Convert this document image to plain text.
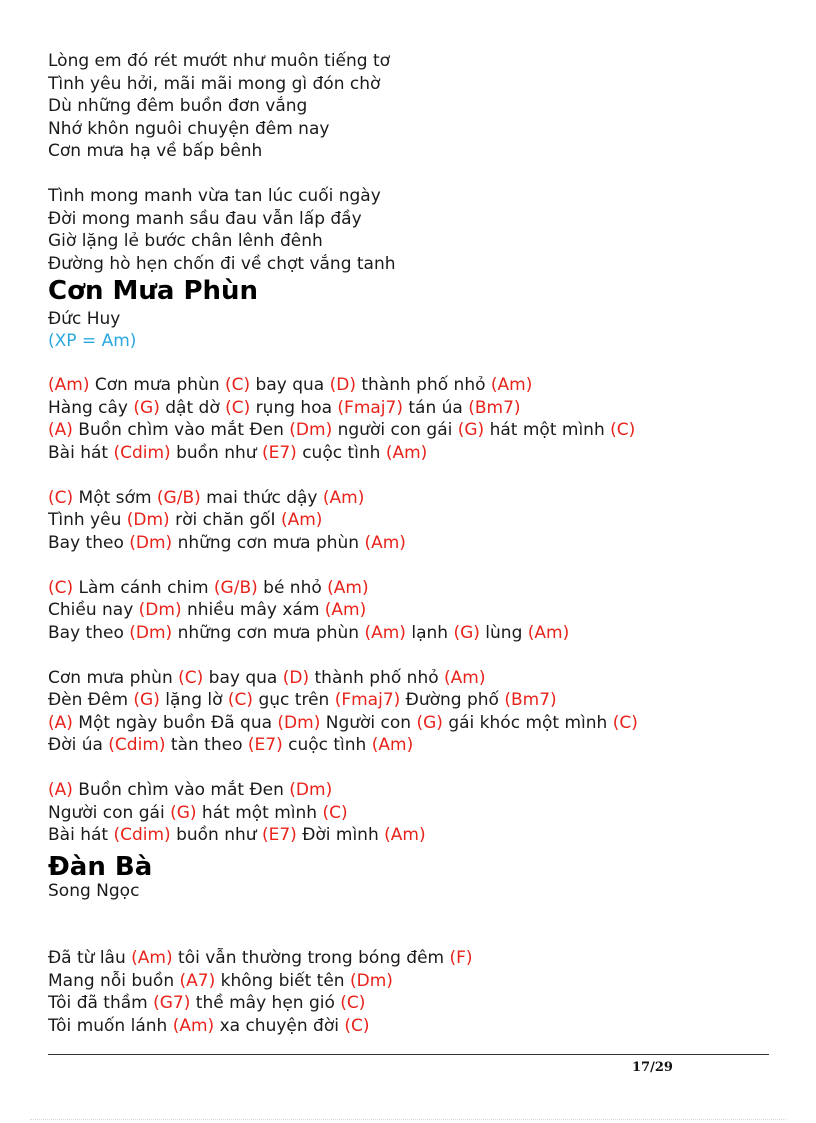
Lòng em đó rét mướt như muôn tiếng tơ
Tình yêu hởi, mãi mãi mong gì đón chờ
Dù những đêm buồn đơn vắng
Nhớ khôn nguôi chuyện đêm nay
Cơn mưa hạ về bấp bênh
Tình mong manh vừa tan lúc cuối ngày
Đời mong manh sầu đau vẫn lấp đầy
Giờ lặng lẻ bước chân lênh đênh
Đường hò hẹn chốn đi về chợt vắng tanh
Cơn Mưa Phùn
Đức Huy
(XP = Am)
(Am) Cơn mưa phùn (C) bay qua (D) thành phố nhỏ (Am)
Hàng cây (G) dật dờ (C) rụng hoa (Fmaj7) tán úa (Bm7)
(A) Buồn chìm vào mắt Đen (Dm) người con gái (G) hát một mình (C)
Bài hát (Cdim) buồn như (E7) cuộc tình (Am)
(C) Một sớm (G/B) mai thức dậy (Am)
Tình yêu (Dm) rời chăn gốI (Am)
Bay theo (Dm) những cơn mưa phùn (Am)
(C) Làm cánh chim (G/B) bé nhỏ (Am)
Chiều nay (Dm) nhiều mây xám (Am)
Bay theo (Dm) những cơn mưa phùn (Am) lạnh (G) lùng (Am)
Cơn mưa phùn (C) bay qua (D) thành phố nhỏ (Am)
Đèn Đêm (G) lặng lờ (C) gục trên (Fmaj7) Đường phố (Bm7)
(A) Một ngày buồn Đã qua (Dm) Người con (G) gái khóc một mình (C)
Đời úa (Cdim) tàn theo (E7) cuộc tình (Am)
(A) Buồn chìm vào mắt Đen (Dm)
Người con gái (G) hát một mình (C)
Bài hát (Cdim) buồn như (E7) Đời mình (Am)
Đàn Bà
Song Ngọc
Đã từ lâu (Am) tôi vẫn thường trong bóng đêm (F)
Mang nỗi buồn (A7) không biết tên (Dm)
Tôi đã thầm (G7) thề mây hẹn gió (C)
Tôi muốn lánh (Am) xa chuyện đời (C)
17/29
